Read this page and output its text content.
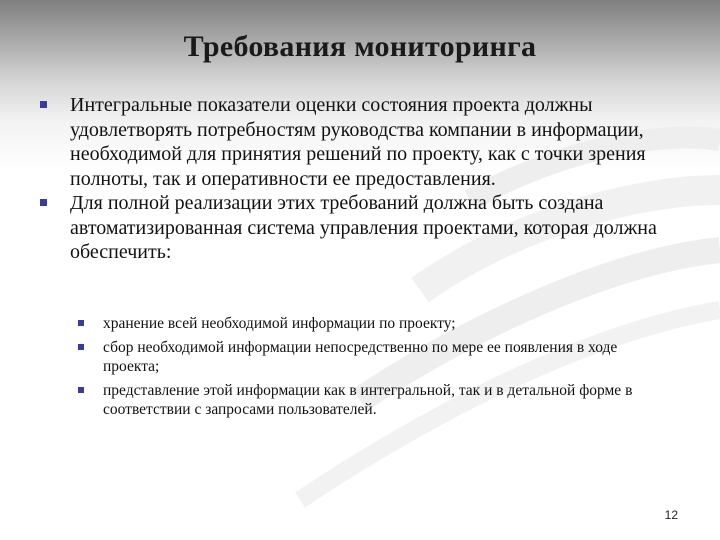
Требования мониторинга
Интегральные показатели оценки состояния проекта должны удовлетворять потребностям руководства компании в информации, необходимой для принятия решений по проекту, как с точки зрения полноты, так и оперативности ее предоставления.
Для полной реализации этих требований должна быть создана автоматизированная система управления проектами, которая должна обеспечить:
хранение всей необходимой информации по проекту;
сбор необходимой информации непосредственно по мере ее появления в ходе проекта;
представление этой информации как в интегральной, так и в детальной форме в соответствии с запросами пользователей.
12
